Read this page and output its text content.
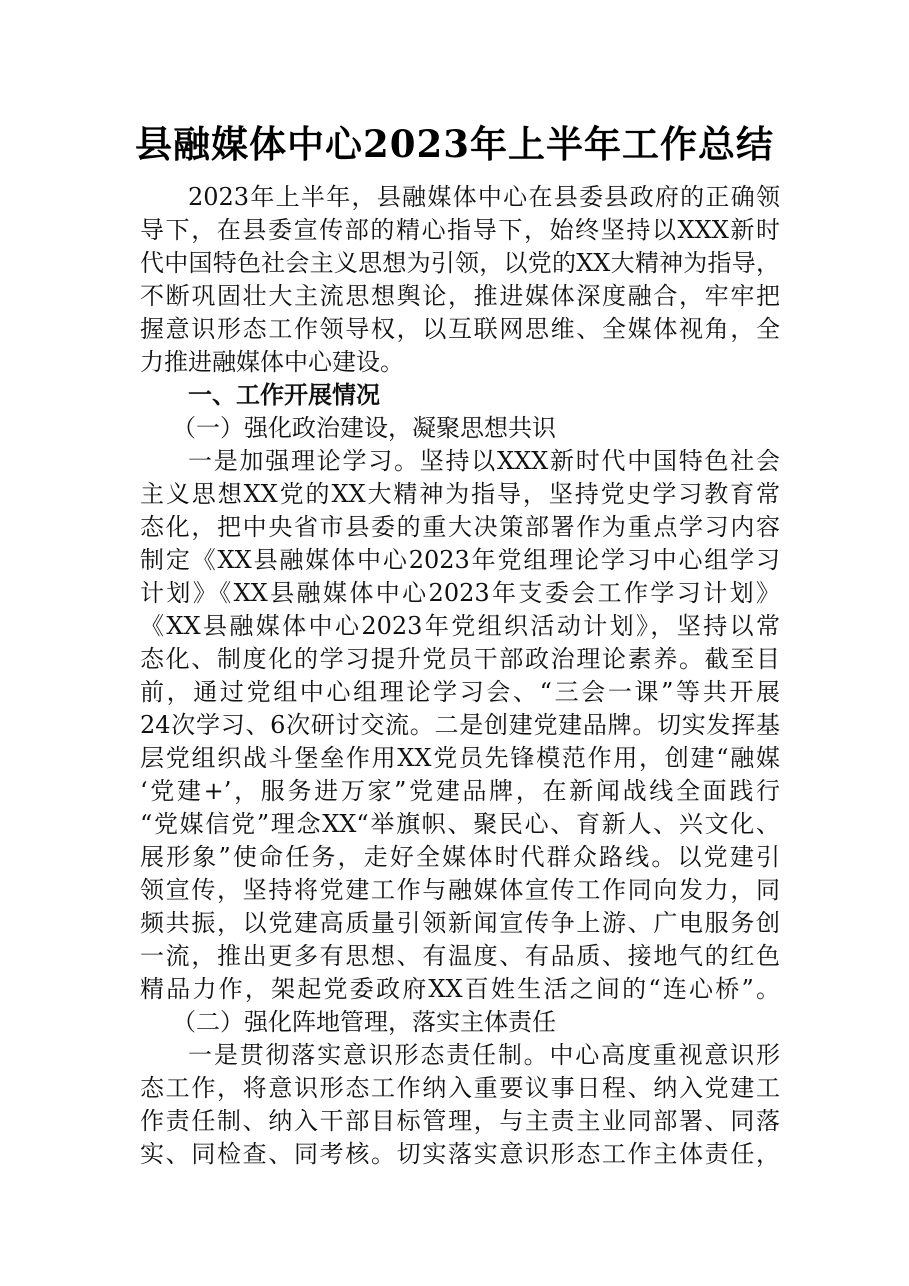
县融媒体中心2023年上半年工作总结
2023年上半年，县融媒体中心在县委县政府的正确领
导下，在县委宣传部的精心指导下，始终坚持以XXX新时
代中国特色社会主义思想为引领，以党的XX大精神为指导，
不断巩固壮大主流思想舆论，推进媒体深度融合，牢牢把
握意识形态工作领导权，以互联网思维、全媒体视角，全
力推进融媒体中心建设。
一、工作开展情况
（一）强化政治建设，凝聚思想共识
一是加强理论学习。坚持以XXX新时代中国特色社会
主义思想XX党的XX大精神为指导，坚持党史学习教育常
态化，把中央省市县委的重大决策部署作为重点学习内容
制定《XX县融媒体中心2023年党组理论学习中心组学习
计划》《XX县融媒体中心2023年支委会工作学习计划》
《XX县融媒体中心2023年党组织活动计划》，坚持以常
态化、制度化的学习提升党员干部政治理论素养。截至目
前，通过党组中心组理论学习会、“三会一课”等共开展
24次学习、6次研讨交流。二是创建党建品牌。切实发挥基
层党组织战斗堡垒作用XX党员先锋模范作用，创建“融媒
‘党建+’，服务进万家”党建品牌，在新闻战线全面践行
“党媒信党”理念XX“举旗帜、聚民心、育新人、兴文化、
展形象”使命任务，走好全媒体时代群众路线。以党建引
领宣传，坚持将党建工作与融媒体宣传工作同向发力，同
频共振，以党建高质量引领新闻宣传争上游、广电服务创
一流，推出更多有思想、有温度、有品质、接地气的红色
精品力作，架起党委政府XX百姓生活之间的“连心桥”。
（二）强化阵地管理，落实主体责任
一是贯彻落实意识形态责任制。中心高度重视意识形
态工作，将意识形态工作纳入重要议事日程、纳入党建工
作责任制、纳入干部目标管理，与主责主业同部署、同落
实、同检查、同考核。切实落实意识形态工作主体责任，
